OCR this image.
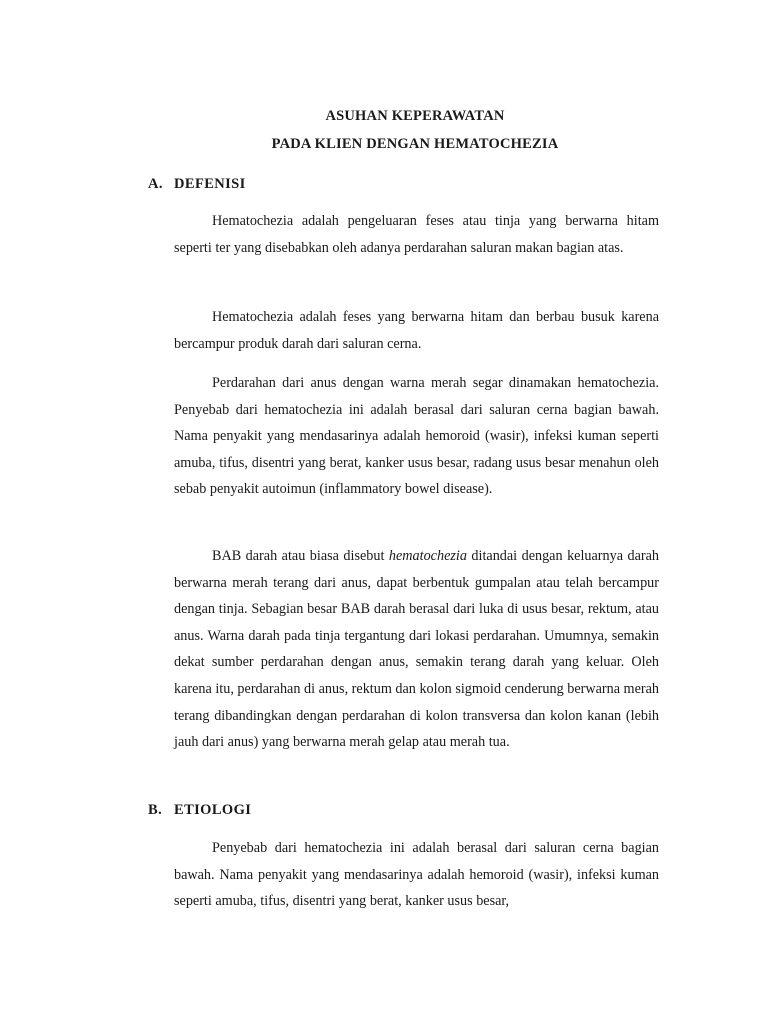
ASUHAN KEPERAWATAN
PADA KLIEN DENGAN HEMATOCHEZIA
A. DEFENISI

Hematochezia adalah pengeluaran feses atau tinja yang berwarna hitam seperti ter yang disebabkan oleh adanya perdarahan saluran makan bagian atas.

Hematochezia adalah feses yang berwarna hitam dan berbau busuk karena bercampur produk darah dari saluran cerna.

Perdarahan dari anus dengan warna merah segar dinamakan hematochezia. Penyebab dari hematochezia ini adalah berasal dari saluran cerna bagian bawah. Nama penyakit yang mendasarinya adalah hemoroid (wasir), infeksi kuman seperti amuba, tifus, disentri yang berat, kanker usus besar, radang usus besar menahun oleh sebab penyakit autoimun (inflammatory bowel disease).

BAB darah atau biasa disebut hematochezia ditandai dengan keluarnya darah berwarna merah terang dari anus, dapat berbentuk gumpalan atau telah bercampur dengan tinja. Sebagian besar BAB darah berasal dari luka di usus besar, rektum, atau anus. Warna darah pada tinja tergantung dari lokasi perdarahan. Umumnya, semakin dekat sumber perdarahan dengan anus, semakin terang darah yang keluar. Oleh karena itu, perdarahan di anus, rektum dan kolon sigmoid cenderung berwarna merah terang dibandingkan dengan perdarahan di kolon transversa dan kolon kanan (lebih jauh dari anus) yang berwarna merah gelap atau merah tua.

B. ETIOLOGI

Penyebab dari hematochezia ini adalah berasal dari saluran cerna bagian bawah. Nama penyakit yang mendasarinya adalah hemoroid (wasir), infeksi kuman seperti amuba, tifus, disentri yang berat, kanker usus besar,
